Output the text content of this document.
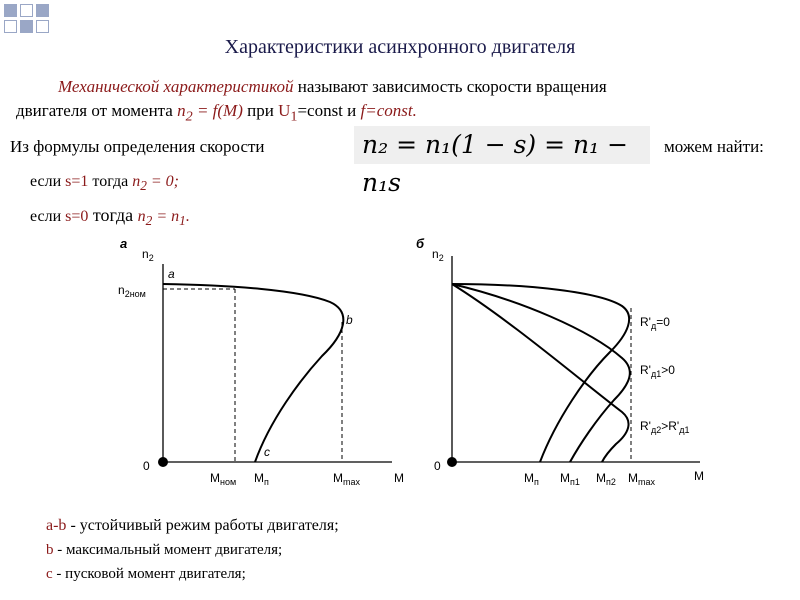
Характеристики асинхронного двигателя
Механической характеристикой называют зависимость скорости вращения
двигателя от момента $n_2 = f(M)$ при $U_1=const$ и f=const.
Из формулы определения скорости	n₂ = n₁(1 − s) = n₁ − n₁s
можем найти:
если s=1 тогда $n_2 = 0$;
если s=0 тогда $n_2 = n_1$.
а
$n_2$
$n_{2ном}$
0
M
a
b
c
$M_{ном}$ $M_п$	$M_{max}$
б
$n_2$
0
M
$R'_д=0$
$R'_{д1}>0$
$R'_{д2}>R'_{д1}$
$M_п$ $M_{п1}$ $M_{п2}$ $M_{max}$
a-b - устойчивый режим работы двигателя;
b - максимальный момент двигателя;
c - пусковой момент двигателя;
